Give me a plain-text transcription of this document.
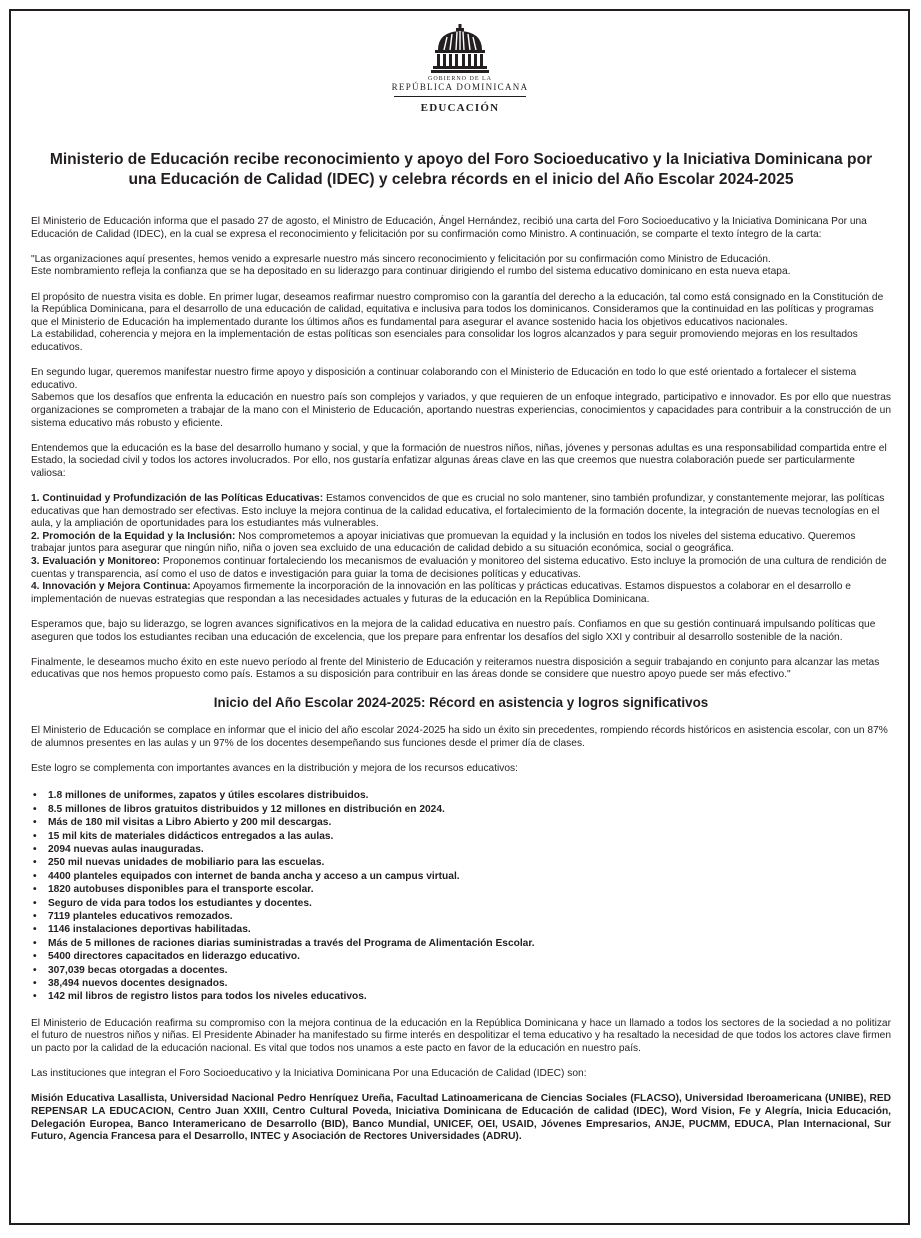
GOBIERNO DE LA
REPÚBLICA DOMINICANA
EDUCACIÓN
Ministerio de Educación recibe reconocimiento y apoyo del Foro Socioeducativo y la Iniciativa Dominicana por una Educación de Calidad (IDEC) y celebra récords en el inicio del Año Escolar 2024-2025

El Ministerio de Educación informa que el pasado 27 de agosto, el Ministro de Educación, Ángel Hernández, recibió una carta del Foro Socioeducativo y la Iniciativa Dominicana Por una Educación de Calidad (IDEC), en la cual se expresa el reconocimiento y felicitación por su confirmación como Ministro. A continuación, se comparte el texto íntegro de la carta:

"Las organizaciones aquí presentes, hemos venido a expresarle nuestro más sincero reconocimiento y felicitación por su confirmación como Ministro de Educación.

Este nombramiento refleja la confianza que se ha depositado en su liderazgo para continuar dirigiendo el rumbo del sistema educativo dominicano en esta nueva etapa.

El propósito de nuestra visita es doble. En primer lugar, deseamos reafirmar nuestro compromiso con la garantía del derecho a la educación, tal como está consignado en la Constitución de la República Dominicana, para el desarrollo de una educación de calidad, equitativa e inclusiva para todos los dominicanos. Consideramos que la continuidad en las políticas y programas que el Ministerio de Educación ha implementado durante los últimos años es fundamental para asegurar el avance sostenido hacia los objetivos educativos nacionales.

La estabilidad, coherencia y mejora en la implementación de estas políticas son esenciales para consolidar los logros alcanzados y para seguir promoviendo mejoras en los resultados educativos.

En segundo lugar, queremos manifestar nuestro firme apoyo y disposición a continuar colaborando con el Ministerio de Educación en todo lo que esté orientado a fortalecer el sistema educativo.

Sabemos que los desafíos que enfrenta la educación en nuestro país son complejos y variados, y que requieren de un enfoque integrado, participativo e innovador. Es por ello que nuestras organizaciones se comprometen a trabajar de la mano con el Ministerio de Educación, aportando nuestras experiencias, conocimientos y capacidades para contribuir a la construcción de un sistema educativo más robusto y eficiente.

Entendemos que la educación es la base del desarrollo humano y social, y que la formación de nuestros niños, niñas, jóvenes y personas adultas es una responsabilidad compartida entre el Estado, la sociedad civil y todos los actores involucrados. Por ello, nos gustaría enfatizar algunas áreas clave en las que creemos que nuestra colaboración puede ser particularmente valiosa:

1. Continuidad y Profundización de las Políticas Educativas: Estamos convencidos de que es crucial no solo mantener, sino también profundizar, y constantemente mejorar, las políticas educativas que han demostrado ser efectivas. Esto incluye la mejora continua de la calidad educativa, el fortalecimiento de la formación docente, la integración de nuevas tecnologías en el aula, y la ampliación de oportunidades para los estudiantes más vulnerables.

2. Promoción de la Equidad y la Inclusión: Nos comprometemos a apoyar iniciativas que promuevan la equidad y la inclusión en todos los niveles del sistema educativo. Queremos trabajar juntos para asegurar que ningún niño, niña o joven sea excluido de una educación de calidad debido a su situación económica, social o geográfica.

3. Evaluación y Monitoreo: Proponemos continuar fortaleciendo los mecanismos de evaluación y monitoreo del sistema educativo. Esto incluye la promoción de una cultura de rendición de cuentas y transparencia, así como el uso de datos e investigación para guiar la toma de decisiones políticas y educativas.

4. Innovación y Mejora Continua: Apoyamos firmemente la incorporación de la innovación en las políticas y prácticas educativas. Estamos dispuestos a colaborar en el desarrollo e implementación de nuevas estrategias que respondan a las necesidades actuales y futuras de la educación en la República Dominicana.

Esperamos que, bajo su liderazgo, se logren avances significativos en la mejora de la calidad educativa en nuestro país. Confiamos en que su gestión continuará impulsando políticas que aseguren que todos los estudiantes reciban una educación de excelencia, que los prepare para enfrentar los desafíos del siglo XXI y contribuir al desarrollo sostenible de la nación.

Finalmente, le deseamos mucho éxito en este nuevo período al frente del Ministerio de Educación y reiteramos nuestra disposición a seguir trabajando en conjunto para alcanzar las metas educativas que nos hemos propuesto como país. Estamos a su disposición para contribuir en las áreas donde se considere que nuestro apoyo puede ser más efectivo."

Inicio del Año Escolar 2024-2025: Récord en asistencia y logros significativos

El Ministerio de Educación se complace en informar que el inicio del año escolar 2024-2025 ha sido un éxito sin precedentes, rompiendo récords históricos en asistencia escolar, con un 87% de alumnos presentes en las aulas y un 97% de los docentes desempeñando sus funciones desde el primer día de clases.

Este logro se complementa con importantes avances en la distribución y mejora de los recursos educativos:

• 1.8 millones de uniformes, zapatos y útiles escolares distribuidos.
• 8.5 millones de libros gratuitos distribuidos y 12 millones en distribución en 2024.
• Más de 180 mil visitas a Libro Abierto y 200 mil descargas.
• 15 mil kits de materiales didácticos entregados a las aulas.
• 2094 nuevas aulas inauguradas.
• 250 mil nuevas unidades de mobiliario para las escuelas.
• 4400 planteles equipados con internet de banda ancha y acceso a un campus virtual.
• 1820 autobuses disponibles para el transporte escolar.
• Seguro de vida para todos los estudiantes y docentes.
• 7119 planteles educativos remozados.
• 1146 instalaciones deportivas habilitadas.
• Más de 5 millones de raciones diarias suministradas a través del Programa de Alimentación Escolar.
• 5400 directores capacitados en liderazgo educativo.
• 307,039 becas otorgadas a docentes.
• 38,494 nuevos docentes designados.
• 142 mil libros de registro listos para todos los niveles educativos.

El Ministerio de Educación reafirma su compromiso con la mejora continua de la educación en la República Dominicana y hace un llamado a todos los sectores de la sociedad a no politizar el futuro de nuestros niños y niñas. El Presidente Abinader ha manifestado su firme interés en despolitizar el tema educativo y ha resaltado la necesidad de que todos los actores clave firmen un pacto por la calidad de la educación nacional. Es vital que todos nos unamos a este pacto en favor de la educación en nuestro país.

Las instituciones que integran el Foro Socioeducativo y la Iniciativa Dominicana Por una Educación de Calidad (IDEC) son:

Misión Educativa Lasallista, Universidad Nacional Pedro Henríquez Ureña, Facultad Latinoamericana de Ciencias Sociales (FLACSO), Universidad Iberoamericana (UNIBE), RED REPENSAR LA EDUCACION, Centro Juan XXIII, Centro Cultural Poveda, Iniciativa Dominicana de Educación de calidad (IDEC), Word Vision, Fe y Alegría, Inicia Educación, Delegación Europea, Banco Interamericano de Desarrollo (BID), Banco Mundial, UNICEF, OEI, USAID, Jóvenes Empresarios, ANJE, PUCMM, EDUCA, Plan Internacional, Sur Futuro, Agencia Francesa para el Desarrollo, INTEC y Asociación de Rectores Universidades (ADRU).
